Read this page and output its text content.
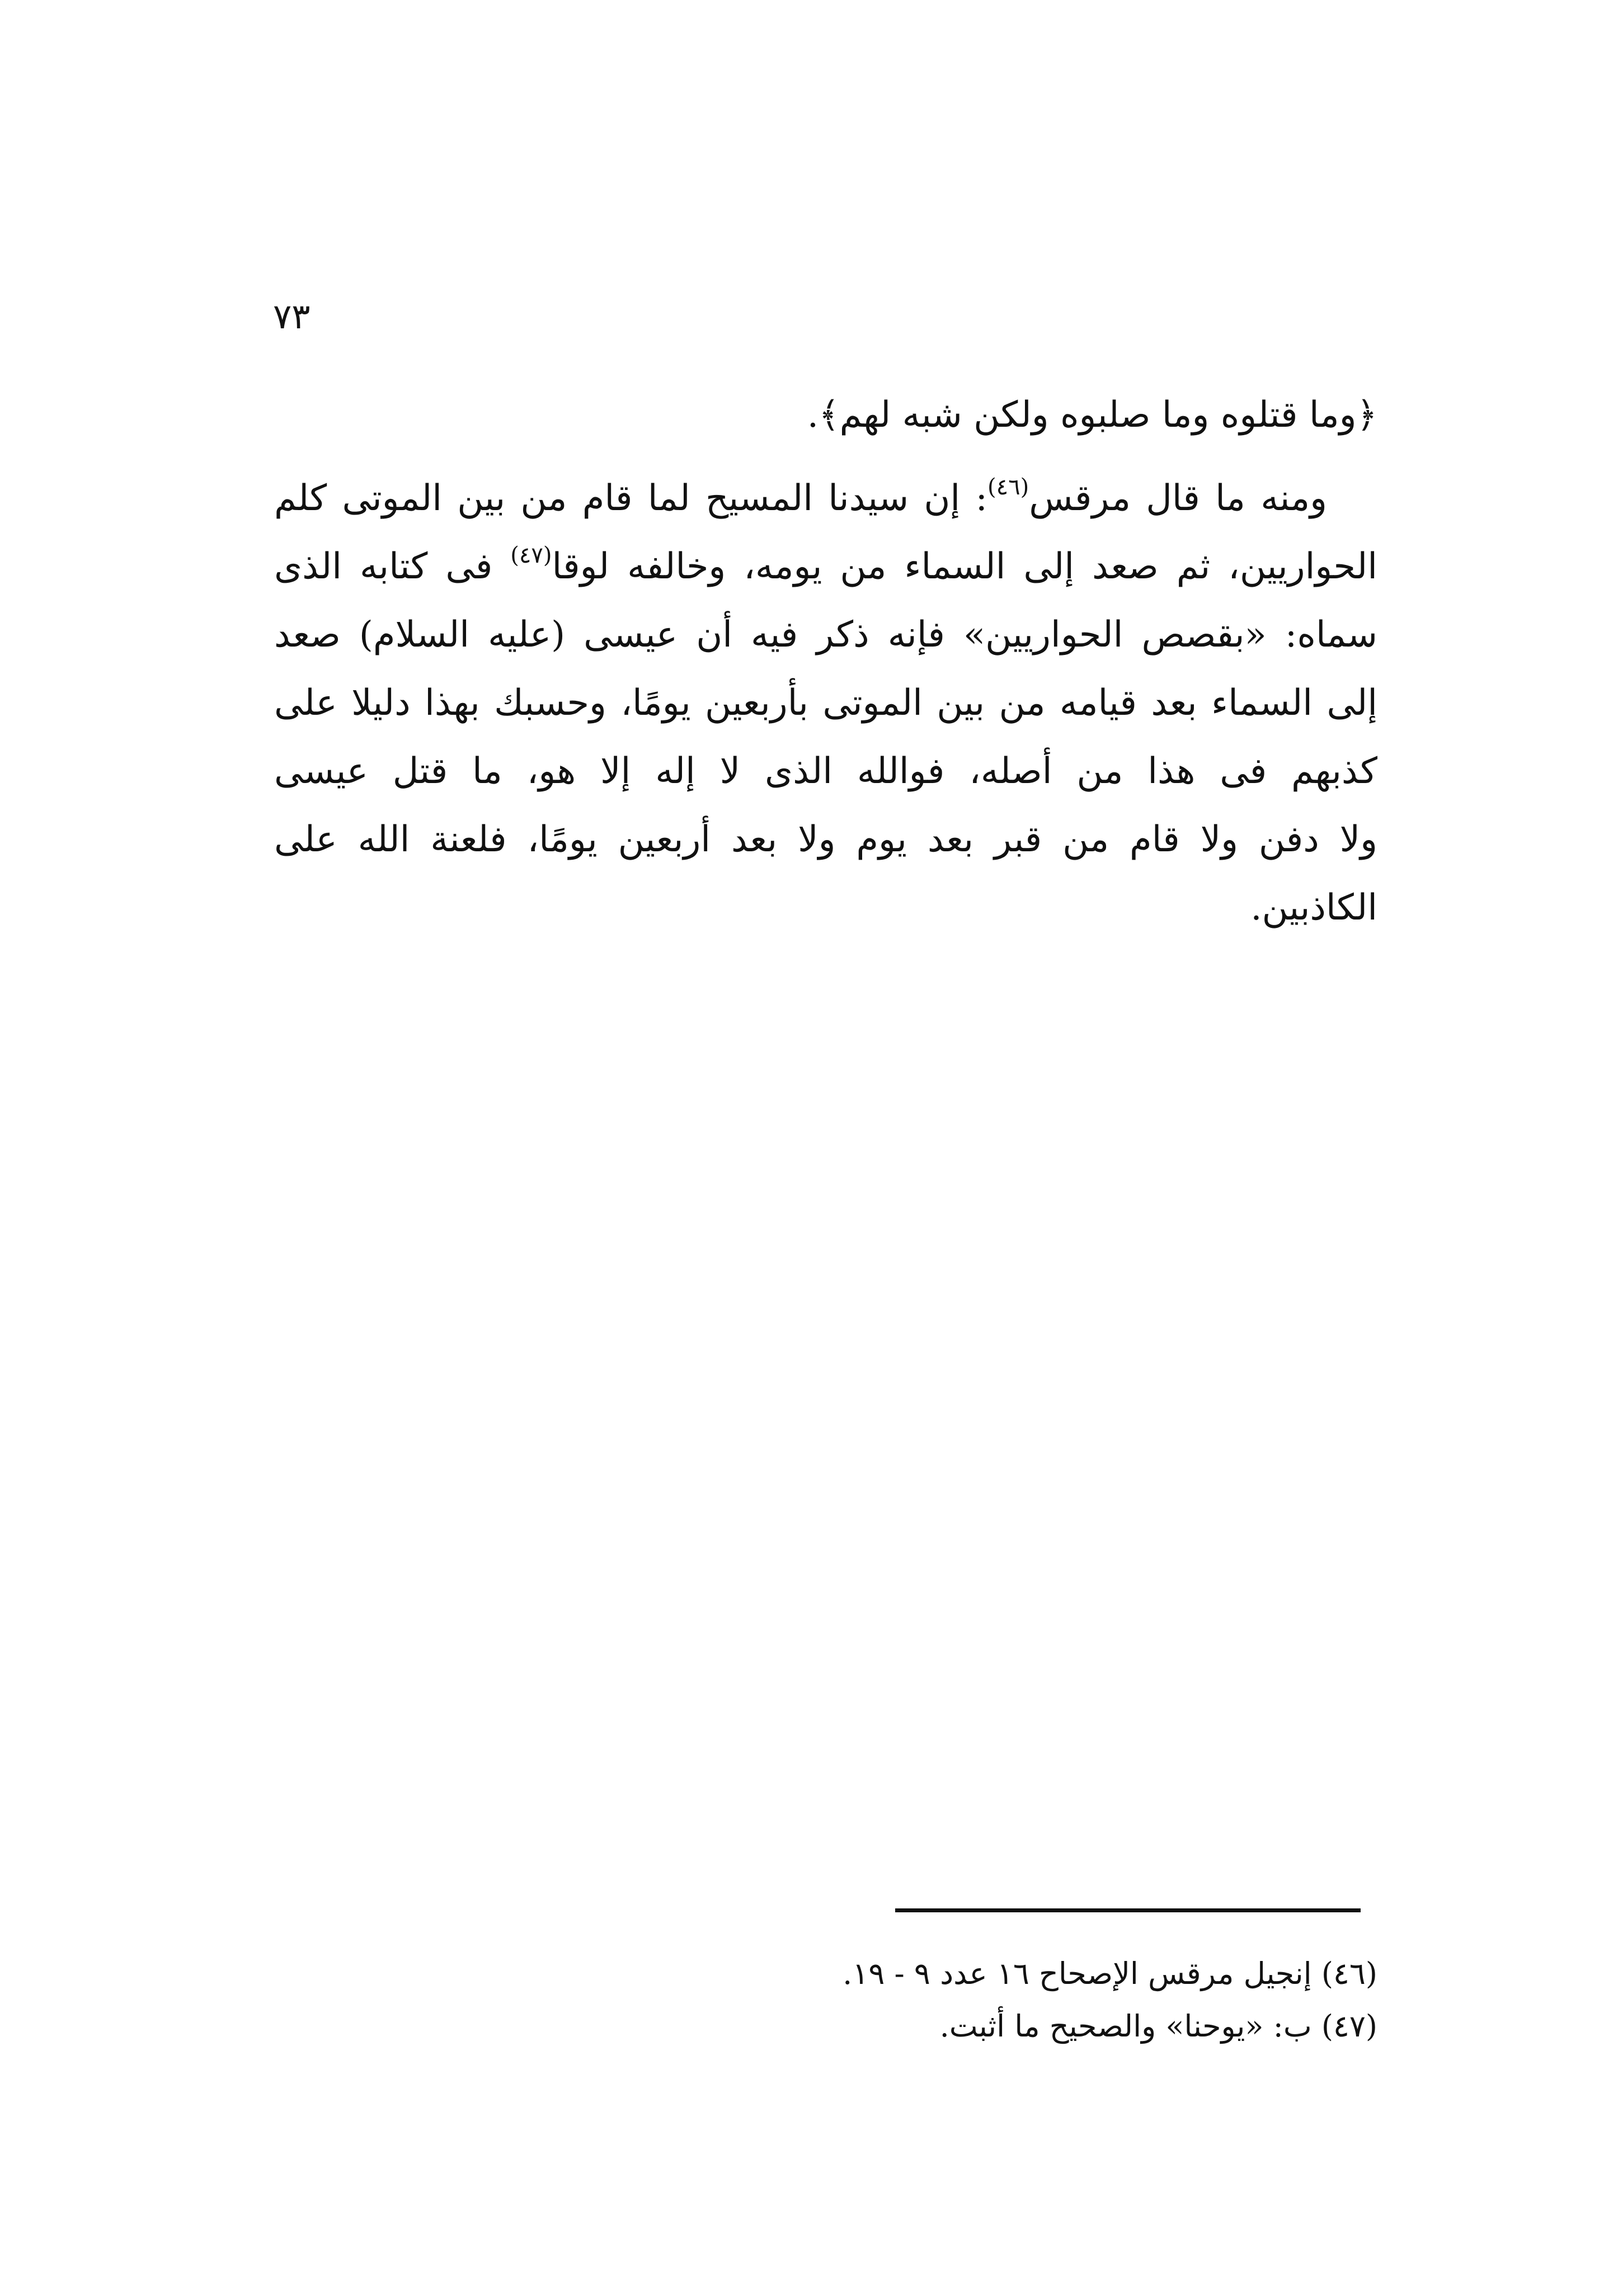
٧٣
﴿وما قتلوه وما صلبوه ولكن شبه لهم﴾.
ومنه ما قال مرقس$^{(٤٦)}$: إن سيدنا المسيح لما قام من بين الموتى كلم
الحواريين، ثم صعد إلى السماء من يومه، وخالفه لوقا$^{(٤٧)}$ فى كتابه الذى
سماه: «بقصص الحواريين» فإنه ذكر فيه أن عيسى (عليه السلام) صعد
إلى السماء بعد قيامه من بين الموتى بأربعين يومًا، وحسبك بهذا دليلا على
كذبهم فى هذا من أصله، فوالله الذى لا إله إلا هو، ما قتل عيسى
ولا دفن ولا قام من قبر بعد يوم ولا بعد أربعين يومًا، فلعنة الله على
الكاذبين.
(٤٦) إنجيل مرقس الإصحاح ١٦ عدد ٩ - ١٩.
(٤٧) ب: «يوحنا» والصحيح ما أثبت.
